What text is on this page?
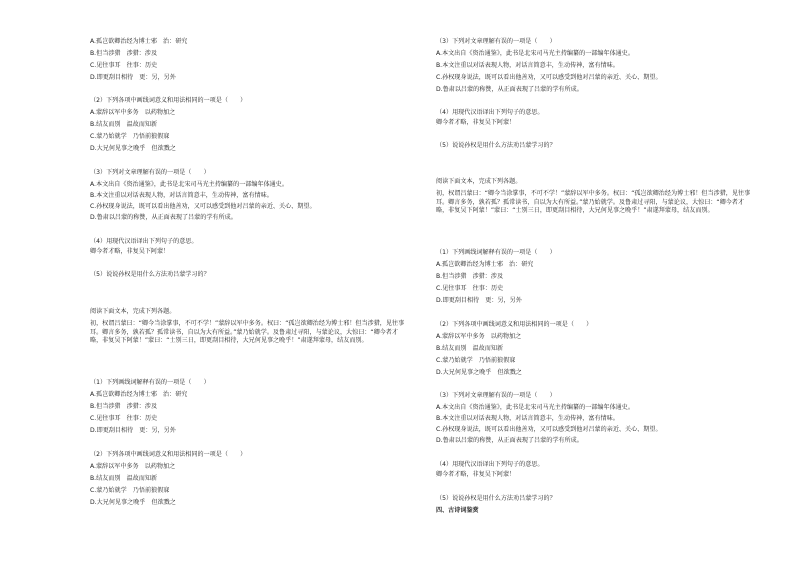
A.孤岂欲卿治经为博士邪　治：研究
B.但当涉猎　涉猎：涉及
C.见往事耳　往事：历史
D.即更刮目相待　更：另，另外
（2）下列各项中画线词意义和用法相同的一项是（　　）
A.蒙辞以军中多务　以药物加之
B.结友而别　温故而知新
C.蒙乃始就学　乃悟前狼假寐
D.大兄何见事之晚乎　但欲戮之
（3）下列对文章理解有误的一项是（　　）
A.本文出自《资治通鉴》，此书是北宋司马光主持编纂的一部编年体通史。
B.本文注重以对话表现人物，对话言简意丰，生动传神，富有情味。
C.孙权现身说法，既可以看出他善劝，又可以感受到他对吕蒙的亲近、关心、期望。
D.鲁肃以吕蒙的称赞，从正面表现了吕蒙的学有所成。
（4）用现代汉语译出下列句子的意思。
卿今者才略，非复吴下阿蒙！
（5）说说孙权是用什么方法劝吕蒙学习的？
阅读下面文本，完成下列各题。
初，权谓吕蒙曰：“卿今当涂掌事，不可不学！”蒙辞以军中多务。权曰：“孤岂欲卿治经为博士邪！但当涉猎，见往事耳。卿言多务，孰若孤？孤常读书，自以为大有所益。”蒙乃始就学。及鲁肃过寻阳，与蒙论议，大惊曰：“卿今者才略，非复吴下阿蒙！”蒙曰：“士别三日，即更刮目相待，大兄何见事之晚乎！”肃遂拜蒙母，结友而别。
（1）下列画线词解释有误的一项是（　　）
A.孤岂欲卿治经为博士邪　治：研究
B.但当涉猎　涉猎：涉及
C.见往事耳　往事：历史
D.即更刮目相待　更：另，另外
（2）下列各项中画线词意义和用法相同的一项是（　　）
A.蒙辞以军中多务　以药物加之
B.结友而别　温故而知新
C.蒙乃始就学　乃悟前狼假寐
D.大兄何见事之晚乎　但欲戮之
（3）下列对文章理解有误的一项是（　　）
A.本文出自《资治通鉴》，此书是北宋司马光主持编纂的一部编年体通史。
B.本文注重以对话表现人物，对话言简意丰，生动传神，富有情味。
C.孙权现身说法，既可以看出他善劝，又可以感受到他对吕蒙的亲近、关心、期望。
D.鲁肃以吕蒙的称赞，从正面表现了吕蒙的学有所成。
（4）用现代汉语译出下列句子的意思。
卿今者才略，非复吴下阿蒙！
（5）说说孙权是用什么方法劝吕蒙学习的？
阅读下面文本，完成下列各题。
初，权谓吕蒙曰：“卿今当涂掌事，不可不学！”蒙辞以军中多务。权曰：“孤岂欲卿治经为博士邪！但当涉猎，见往事耳。卿言多务，孰若孤？孤常读书，自以为大有所益。”蒙乃始就学。及鲁肃过寻阳，与蒙论议，大惊曰：“卿今者才略，非复吴下阿蒙！”蒙曰：“士别三日，即更刮目相待，大兄何见事之晚乎！”肃遂拜蒙母，结友而别。
（1）下列画线词解释有误的一项是（　　）
A.孤岂欲卿治经为博士邪　治：研究
B.但当涉猎　涉猎：涉及
C.见往事耳　往事：历史
D.即更刮目相待　更：另，另外
（2）下列各项中画线词意义和用法相同的一项是（　　）
A.蒙辞以军中多务　以药物加之
B.结友而别　温故而知新
C.蒙乃始就学　乃悟前狼假寐
D.大兄何见事之晚乎　但欲戮之
（3）下列对文章理解有误的一项是（　　）
A.本文出自《资治通鉴》，此书是北宋司马光主持编纂的一部编年体通史。
B.本文注重以对话表现人物，对话言简意丰，生动传神，富有情味。
C.孙权现身说法，既可以看出他善劝，又可以感受到他对吕蒙的亲近、关心、期望。
D.鲁肃以吕蒙的称赞，从正面表现了吕蒙的学有所成。
（4）用现代汉语译出下列句子的意思。
卿今者才略，非复吴下阿蒙！
（5）说说孙权是用什么方法劝吕蒙学习的？
四、古诗词鉴赏
